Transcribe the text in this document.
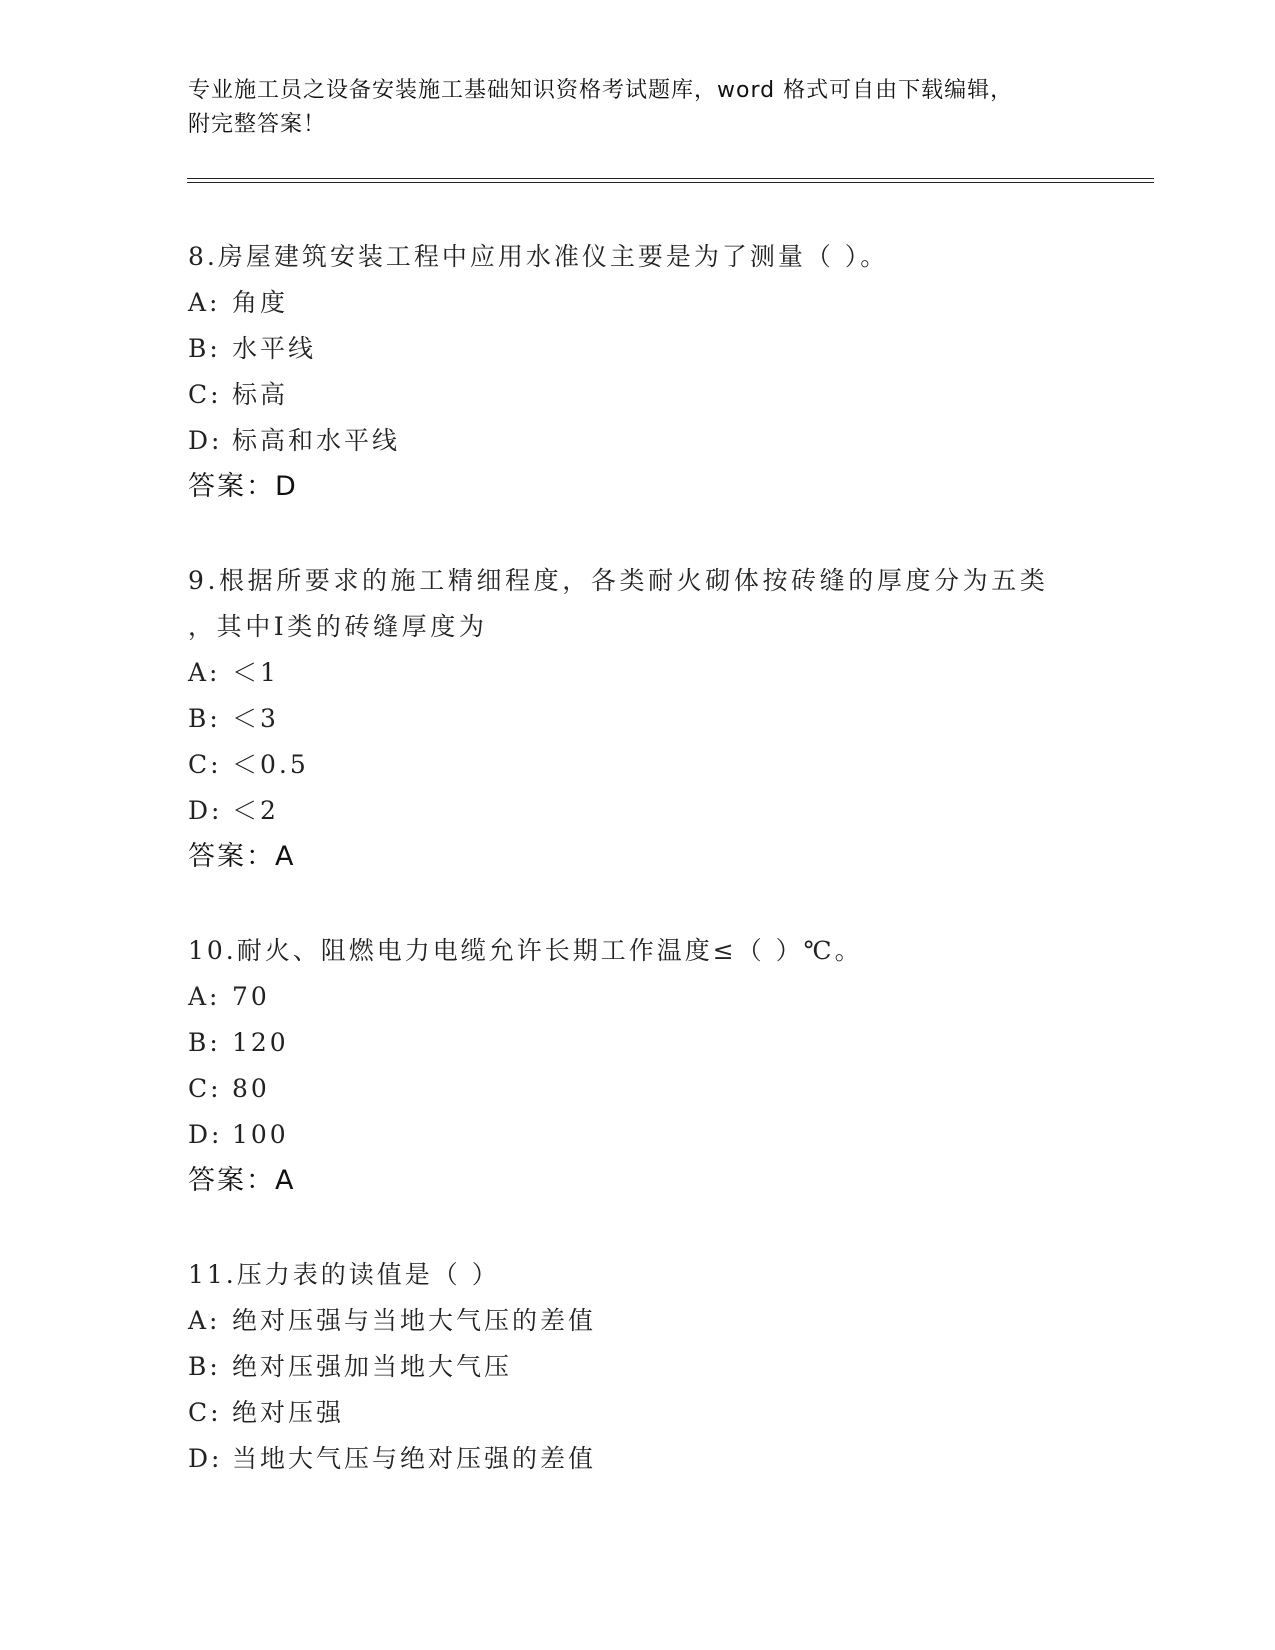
专业施工员之设备安装施工基础知识资格考试题库，word 格式可自由下载编辑，
附完整答案！
8.房屋建筑安装工程中应用水准仪主要是为了测量（ ）。
A: 角度
B: 水平线
C: 标高
D: 标高和水平线
答案：D
9.根据所要求的施工精细程度，各类耐火砌体按砖缝的厚度分为五类
，其中Ⅰ类的砖缝厚度为
A: ＜1
B: ＜3
C: ＜0.5
D: ＜2
答案：A
10.耐火、阻燃电力电缆允许长期工作温度≤（ ）℃。
A: 70
B: 120
C: 80
D: 100
答案：A
11.压力表的读值是（ ）
A: 绝对压强与当地大气压的差值
B: 绝对压强加当地大气压
C: 绝对压强
D: 当地大气压与绝对压强的差值
